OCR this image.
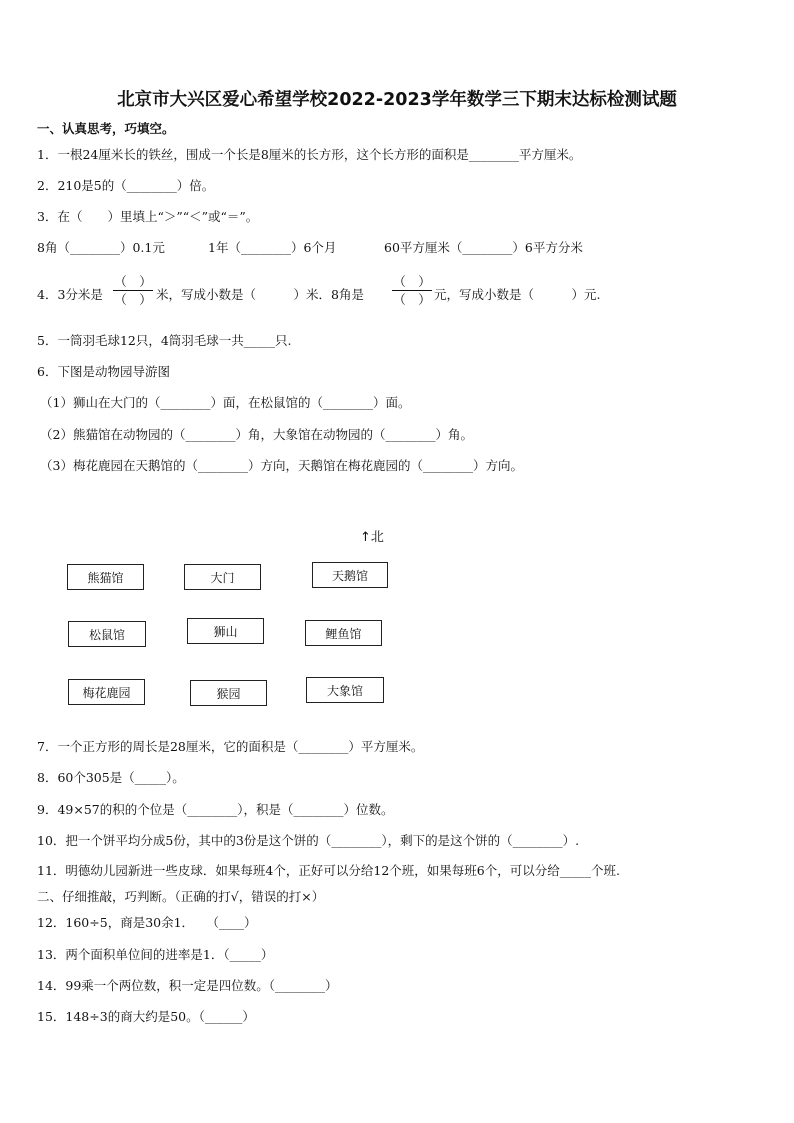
北京市大兴区爱心希望学校2022-2023学年数学三下期末达标检测试题
一、认真思考，巧填空。
1．一根24厘米长的铁丝，围成一个长是8厘米的长方形，这个长方形的面积是________平方厘米。
2．210是5的（________）倍。
3．在（　　）里填上“＞”“＜”或“＝”。
8角（________）0.1元	1年（________）6个月	60平方厘米（________）6平方分米
4．3分米是
（　）
（　） 米，写成小数是（　　　）米．8角是
（　）
（　） 元，写成小数是（　　　）元.
5．一筒羽毛球12只，4筒羽毛球一共_____只.
6．下图是动物园导游图
（1）狮山在大门的（________）面，在松鼠馆的（________）面。
（2）熊猫馆在动物园的（________）角，大象馆在动物园的（________）角。
（3）梅花鹿园在天鹅馆的（________）方向，天鹅馆在梅花鹿园的（________）方向。
↑北
熊猫馆	大门	天鹅馆
松鼠馆	狮山	鲤鱼馆
梅花鹿园	猴园	大象馆
7．一个正方形的周长是28厘米，它的面积是（________）平方厘米。
8．60个305是（_____）。
9．49×57的积的个位是（________），积是（________）位数。
10．把一个饼平均分成5份，其中的3份是这个饼的（________），剩下的是这个饼的（________）.
11．明德幼儿园新进一些皮球．如果每班4个，正好可以分给12个班，如果每班6个，可以分给_____个班.
二、仔细推敲，巧判断。（正确的打√，错误的打×）
12．160÷5，商是30余1．　　（____）
13．两个面积单位间的进率是1．（_____）
14．99乘一个两位数，积一定是四位数。（________）
15．148÷3的商大约是50。（______）
